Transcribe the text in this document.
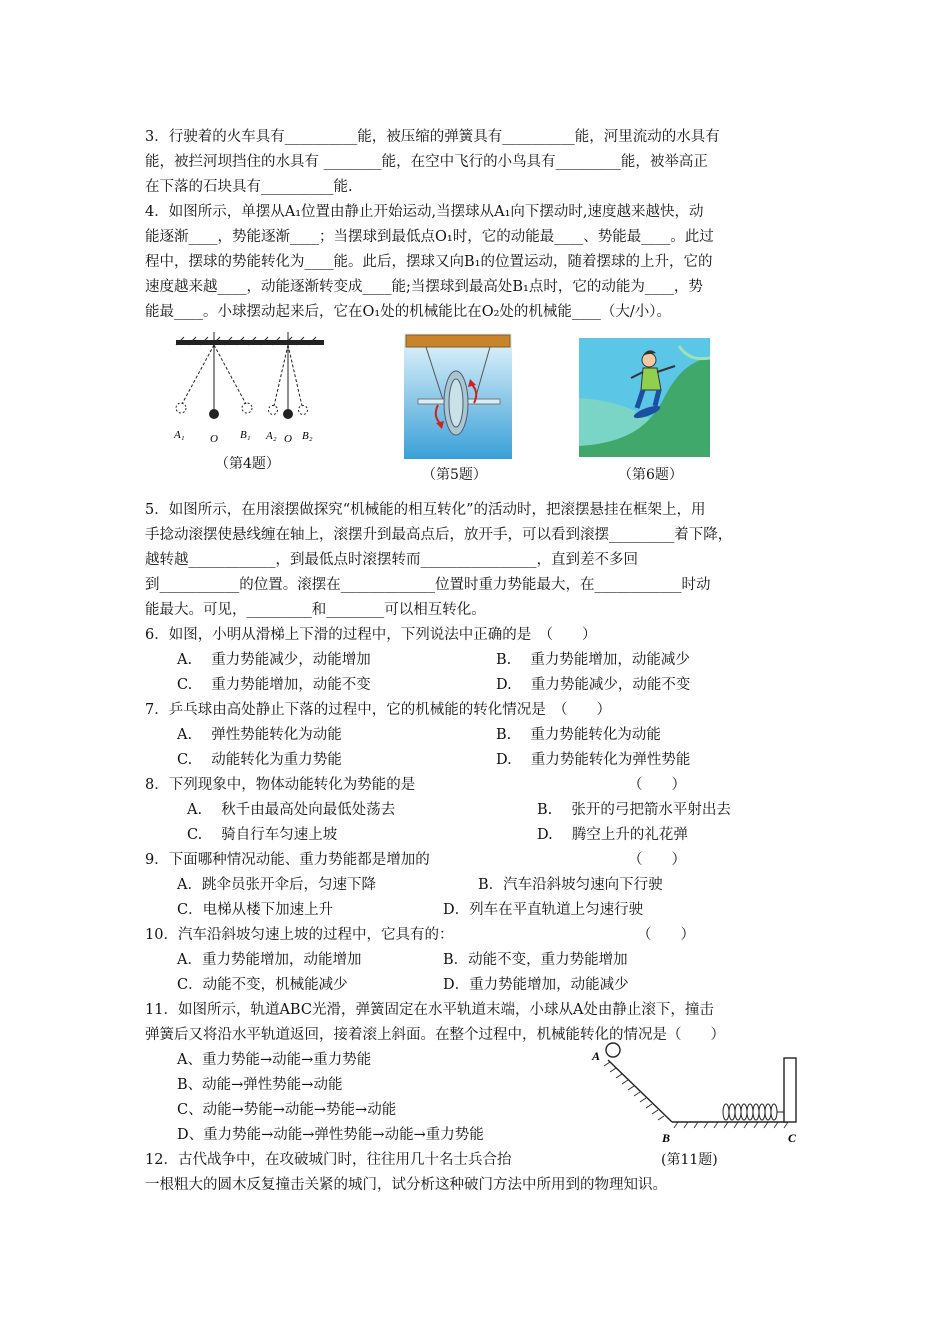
3．行驶着的火车具有__________能，被压缩的弹簧具有__________能，河里流动的水具有
能，被拦河坝挡住的水具有 ________能，在空中飞行的小鸟具有_________能，被举高正
在下落的石块具有__________能.
4．如图所示，单摆从A₁位置由静止开始运动,当摆球从A₁向下摆动时,速度越来越快，动
能逐渐____，势能逐渐____；当摆球到最低点O₁时，它的动能最____、势能最____。此过
程中，摆球的势能转化为____能。此后，摆球又向B₁的位置运动，随着摆球的上升，它的
速度越来越____，动能逐渐转变成____能;当摆球到最高处B₁点时，它的动能为____，势
能最____。小球摆动起来后，它在O₁处的机械能比在O₂处的机械能____（大/小）。
A₁ O B₁ A₂ O B₂
（第4题）
（第5题）	（第6题）
5．如图所示，在用滚摆做探究“机械能的相互转化”的活动时，把滚摆悬挂在框架上，用
手捻动滚摆使悬线缠在轴上，滚摆升到最高点后，放开手，可以看到滚摆_________着下降，
越转越____________，到最低点时滚摆转而________________，直到差不多回
到___________的位置。滚摆在_____________位置时重力势能最大，在____________时动
能最大。可见，_________和________可以相互转化。
6．如图，小明从滑梯上下滑的过程中，下列说法中正确的是　（　　）
A.　 重力势能减少，动能增加	B.　 重力势能增加，动能减少
C.　 重力势能增加，动能不变	D.　 重力势能减少，动能不变
7．乒乓球由高处静止下落的过程中，它的机械能的转化情况是　（　　）
A.　 弹性势能转化为动能	B.　 重力势能转化为动能
C.　 动能转化为重力势能	D.　 重力势能转化为弹性势能
8．下列现象中，物体动能转化为势能的是	（　　）
A.　 秋千由最高处向最低处荡去	B.　 张开的弓把箭水平射出去
C.　 骑自行车匀速上坡	D.　 腾空上升的礼花弹
9．下面哪种情况动能、重力势能都是增加的	（　　）
A．跳伞员张开伞后，匀速下降	B．汽车沿斜坡匀速向下行驶
C．电梯从楼下加速上升	D．列车在平直轨道上匀速行驶
10．汽车沿斜坡匀速上坡的过程中，它具有的：	（　　）
A．重力势能增加，动能增加	B．动能不变，重力势能增加
C．动能不变，机械能减少	D．重力势能增加，动能减少
11．如图所示，轨道ABC光滑，弹簧固定在水平轨道末端，小球从A处由静止滚下，撞击
弹簧后又将沿水平轨道返回，接着滚上斜面。在整个过程中，机械能转化的情况是（　　）
A、重力势能→动能→重力势能
B、动能→弹性势能→动能
C、动能→势能→动能→势能→动能
D、重力势能→动能→弹性势能→动能→重力势能
A
B	C
12．古代战争中，在攻破城门时，往往用几十名士兵合抬	(第11题)
一根粗大的圆木反复撞击关紧的城门，试分析这种破门方法中所用到的物理知识。
